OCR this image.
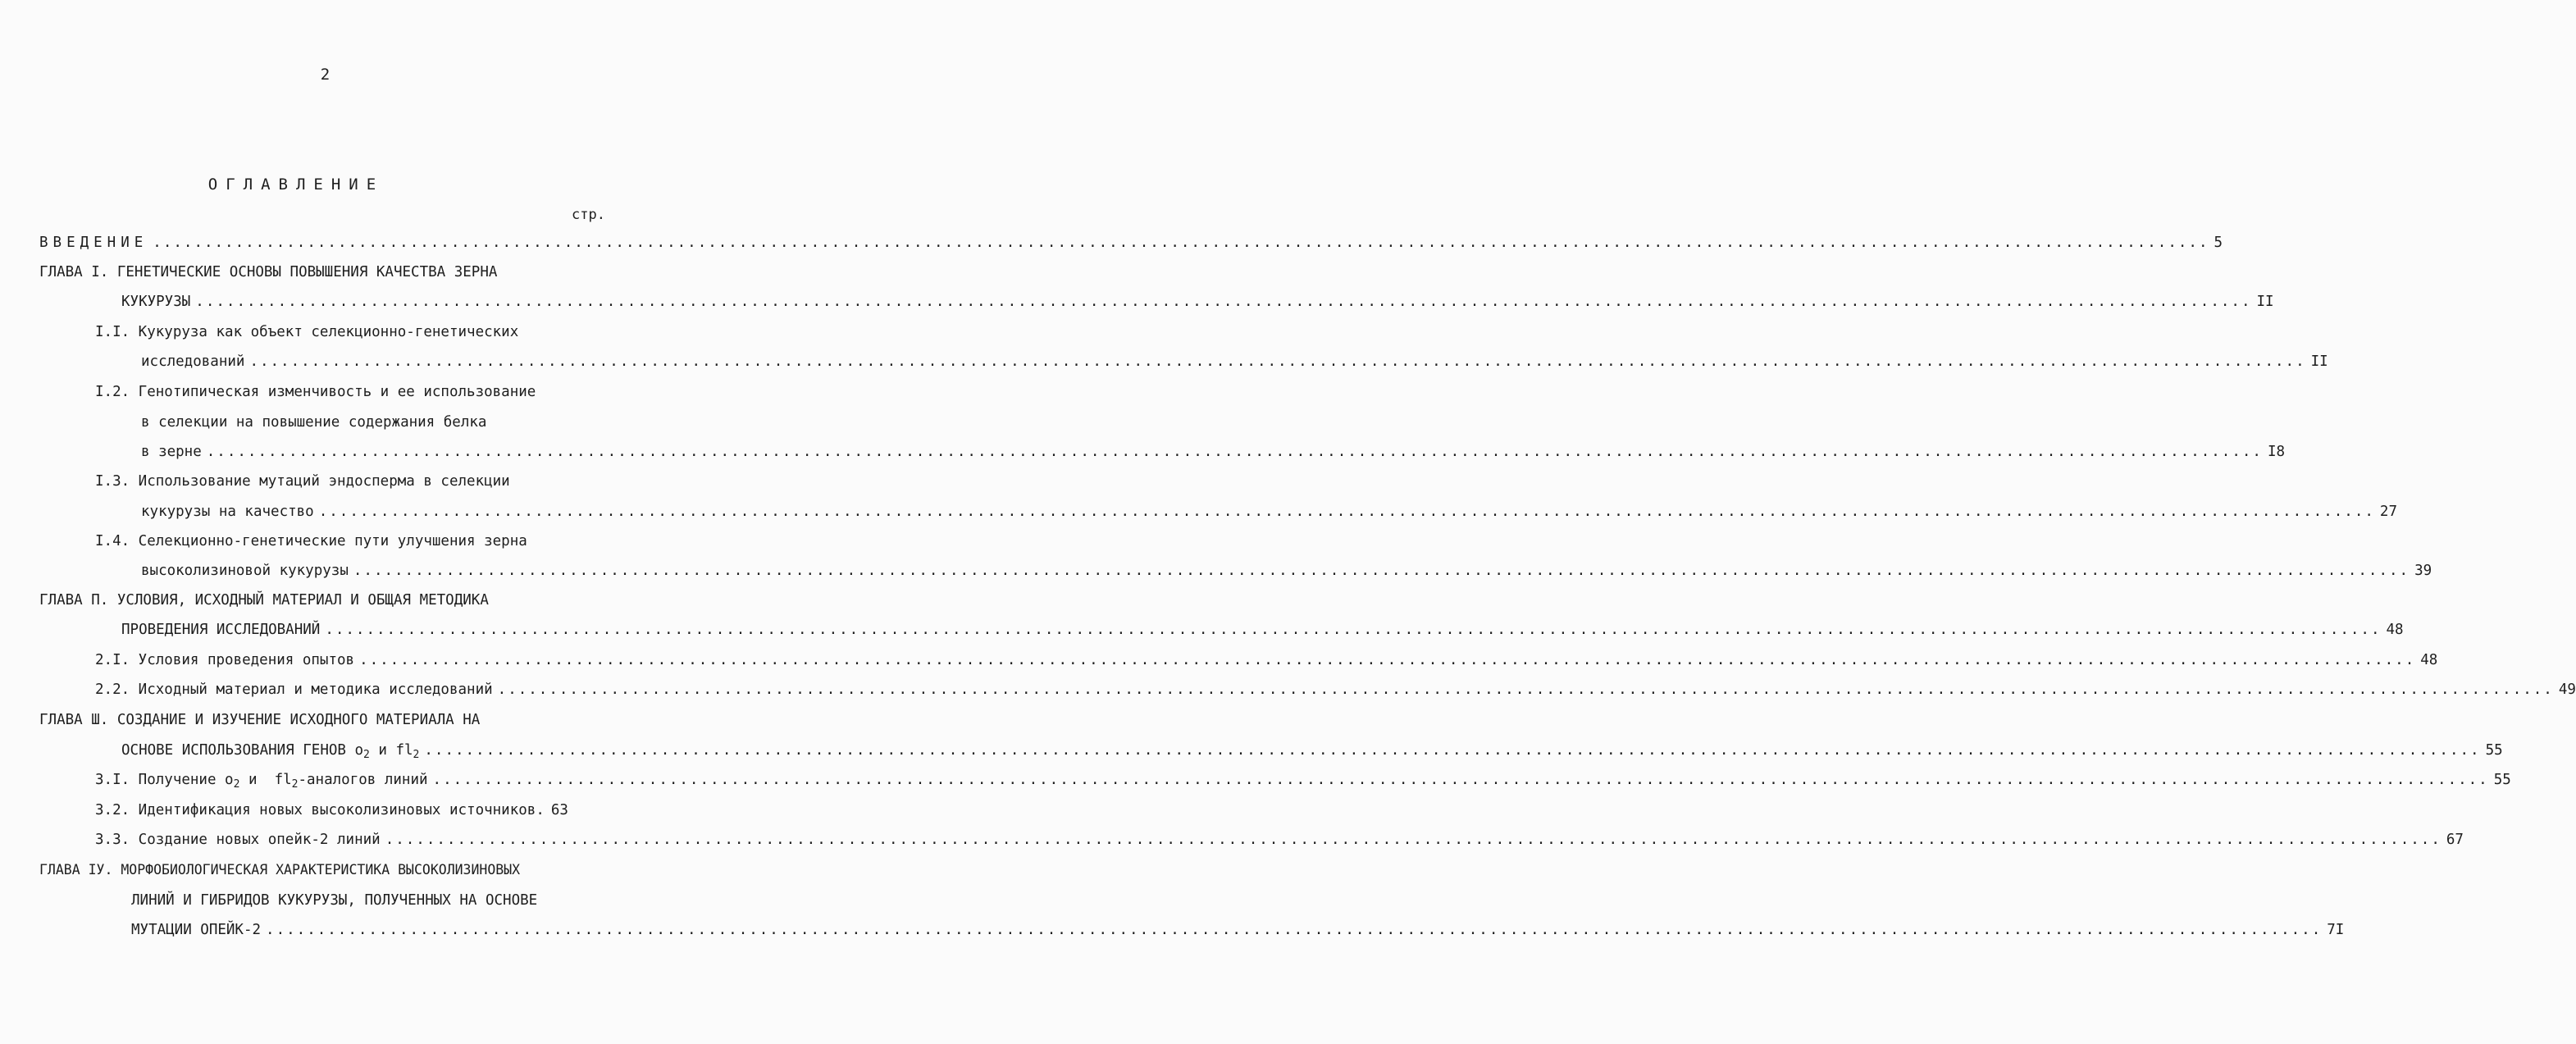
2
ОГЛАВЛЕНИЕ
стр.
ВВЕДЕНИЕ ........................................................................................................................................................................................................ 5
ГЛАВА I. ГЕНЕТИЧЕСКИЕ ОСНОВЫ ПОВЫШЕНИЯ КАЧЕСТВА ЗЕРНА
КУКУРУЗЫ ........................................................................................................................................................................................................ II
I.I. Кукуруза как объект селекционно-генетических
исследований ........................................................................................................................................................................................................ II
I.2. Генотипическая изменчивость и ее использование
в селекции на повышение содержания белка
в зерне ........................................................................................................................................................................................................ I8
I.3. Использование мутаций эндосперма в селекции
кукурузы на качество ........................................................................................................................................................................................................ 27
I.4. Селекционно-генетические пути улучшения зерна
высоколизиновой кукурузы ........................................................................................................................................................................................................ 39
ГЛАВА П. УСЛОВИЯ, ИСХОДНЫЙ МАТЕРИАЛ И ОБЩАЯ МЕТОДИКА
ПРОВЕДЕНИЯ ИССЛЕДОВАНИЙ ........................................................................................................................................................................................................ 48
2.I. Условия проведения опытов ........................................................................................................................................................................................................ 48
2.2. Исходный материал и методика исследований ........................................................................................................................................................................................................ 49
ГЛАВА Ш. СОЗДАНИЕ И ИЗУЧЕНИЕ ИСХОДНОГО МАТЕРИАЛА НА
ОСНОВЕ ИСПОЛЬЗОВАНИЯ ГЕНОВ $o_2$ и $fl_2$ ........................................................................................................................................................................................................ 55
3.I. Получение $o_2$ и  $fl_2$-аналогов линий ........................................................................................................................................................................................................ 55
3.2. Идентификация новых высоколизиновых источников. 63
3.3. Создание новых опейк-2 линий ........................................................................................................................................................................................................ 67
ГЛАВА IУ. МОРФОБИОЛОГИЧЕСКАЯ ХАРАКТЕРИСТИКА ВЫСОКОЛИЗИНОВЫХ
ЛИНИЙ И ГИБРИДОВ КУКУРУЗЫ, ПОЛУЧЕННЫХ НА ОСНОВЕ
МУТАЦИИ ОПЕЙК-2 ........................................................................................................................................................................................................ 7I
